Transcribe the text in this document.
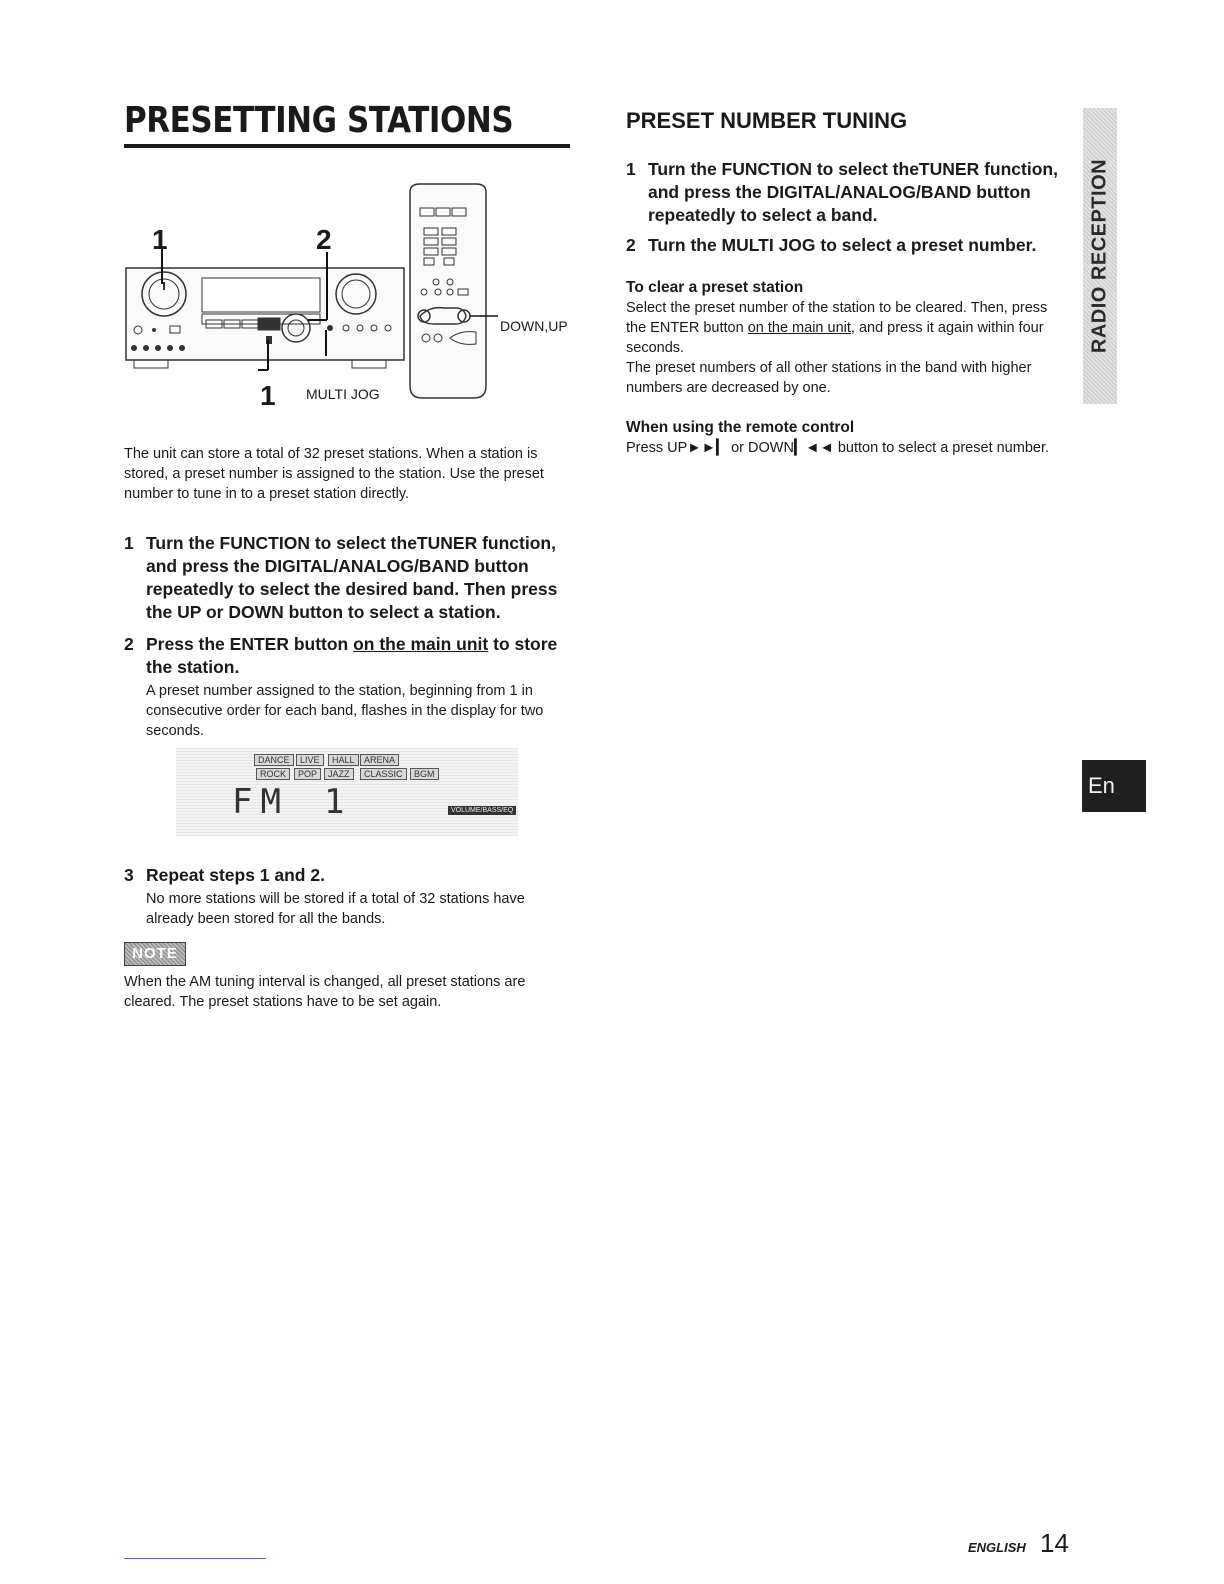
PRESETTING STATIONS
1	2
1 MULTI JOG
DOWN,UP
The unit can store a total of 32 preset stations. When a station is stored, a preset number is assigned to the station. Use the preset number to tune in to a preset station directly.
1 Turn the FUNCTION to select theTUNER function, and press the DIGITAL/ANALOG/BAND button repeatedly to select the desired band. Then press the UP or DOWN button to select a station.
2 Press the ENTER button on the main unit to store the station.
A preset number assigned to the station, beginning from 1 in consecutive order for each band, flashes in the display for two seconds.
DANCE	LIVE	HALL	ARENA
ROCK	POP	JAZZ	CLASSIC	BGM
FM 1	VOLUME/BASS/EQ
3 Repeat steps 1 and 2.
No more stations will be stored if a total of 32 stations have already been stored for all the bands.
NOTE
When the AM tuning interval is changed, all preset stations are cleared. The preset stations have to be set again.
PRESET NUMBER TUNING
1 Turn the FUNCTION to select theTUNER function, and press the DIGITAL/ANALOG/BAND button repeatedly to select a band.
2 Turn the MULTI JOG to select a preset number.
To clear a preset station
Select the preset number of the station to be cleared. Then, press the ENTER button on the main unit, and press it again within four seconds.
The preset numbers of all other stations in the band with higher numbers are decreased by one.
When using the remote control
Press UP►►▎ or DOWN▎◄◄ button to select a preset number.
RADIO RECEPTION
En
ENGLISH 14
